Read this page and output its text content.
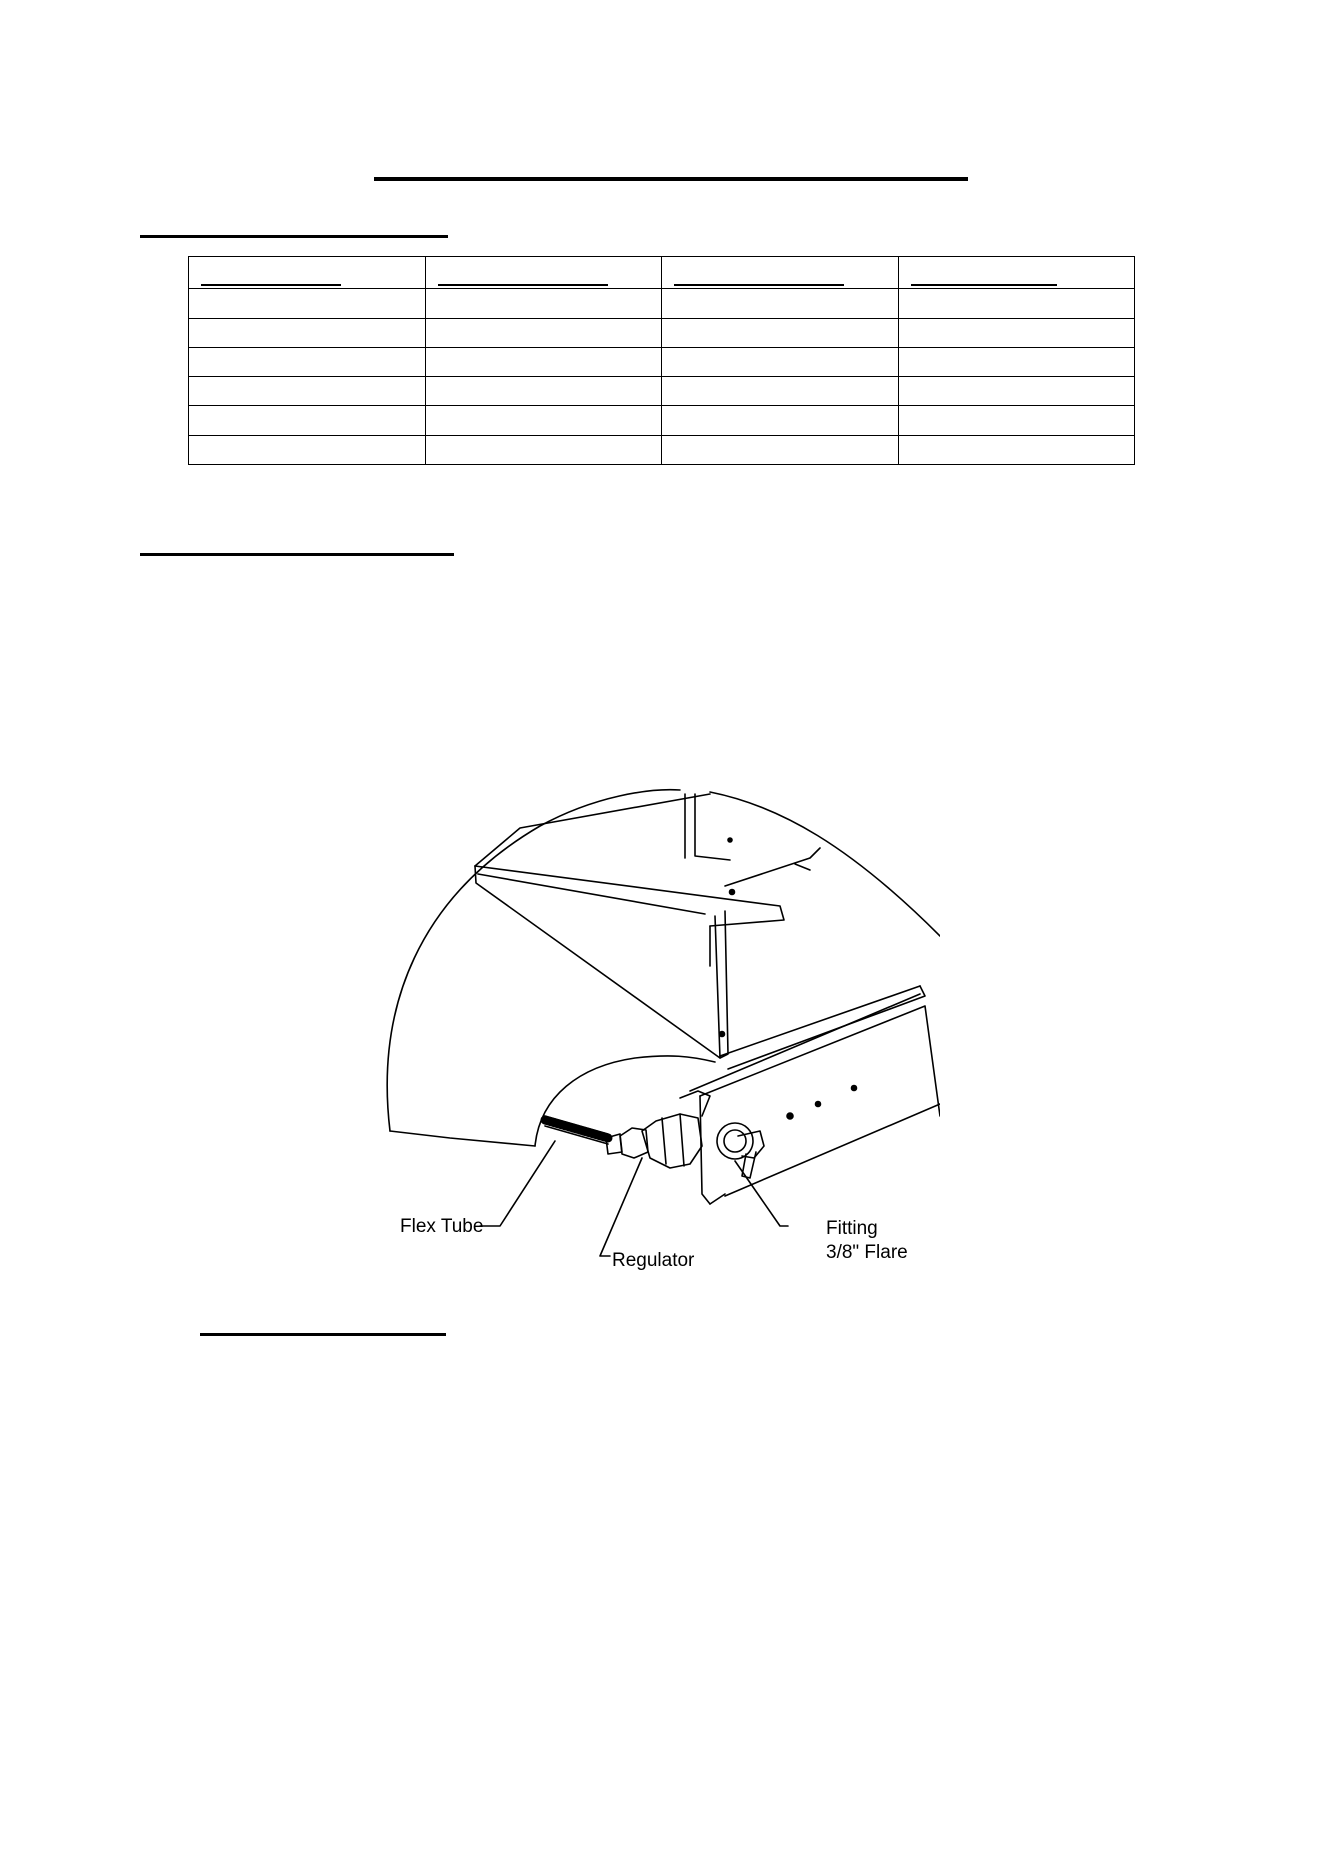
Flex Tube
Regulator
Fitting
3/8" Flare
